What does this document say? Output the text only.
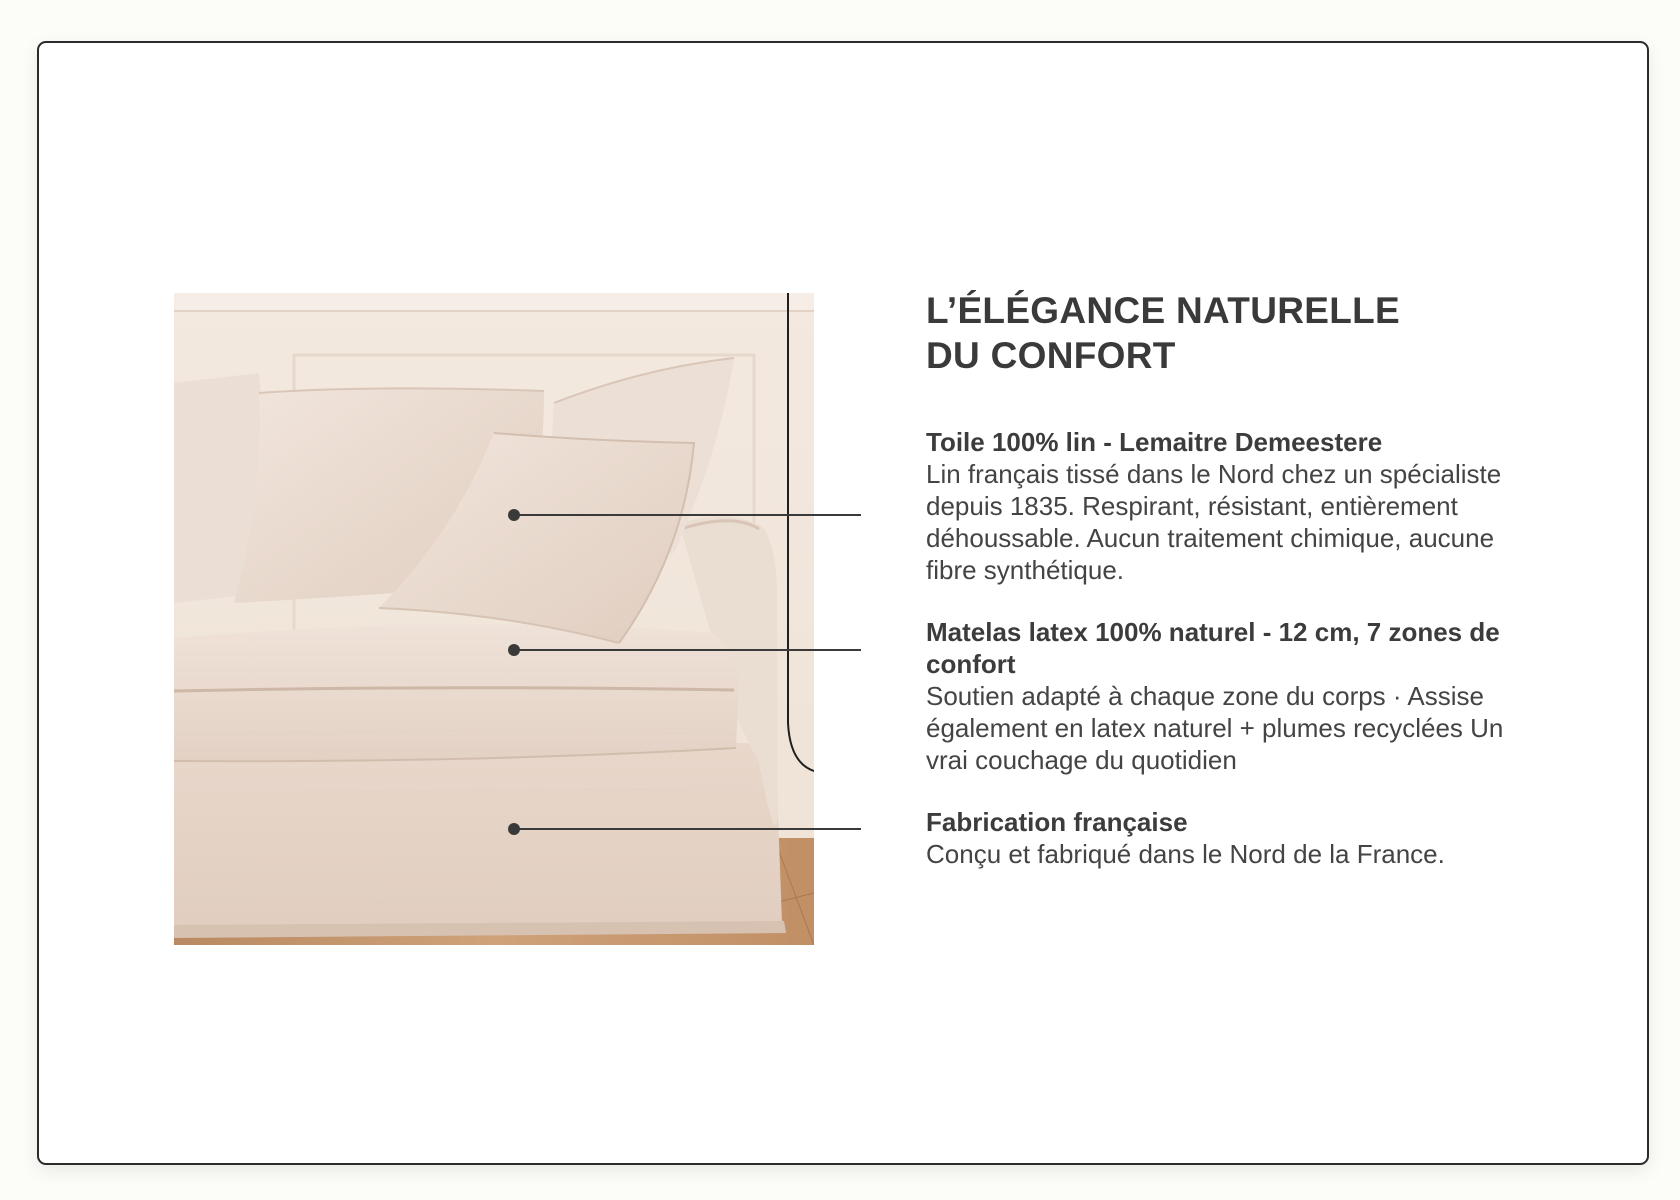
L’ÉLÉGANCE NATURELLE
DU CONFORT

Toile 100% lin - Lemaitre Demeestere

Lin français tissé dans le Nord chez un spécialiste depuis 1835. Respirant, résistant, entièrement déhoussable. Aucun traitement chimique, aucune fibre synthétique.

Matelas latex 100% naturel - 12 cm, 7 zones de confort

Soutien adapté à chaque zone du corps · Assise également en latex naturel + plumes recyclées Un vrai couchage du quotidien

Fabrication française

Conçu et fabriqué dans le Nord de la France.
